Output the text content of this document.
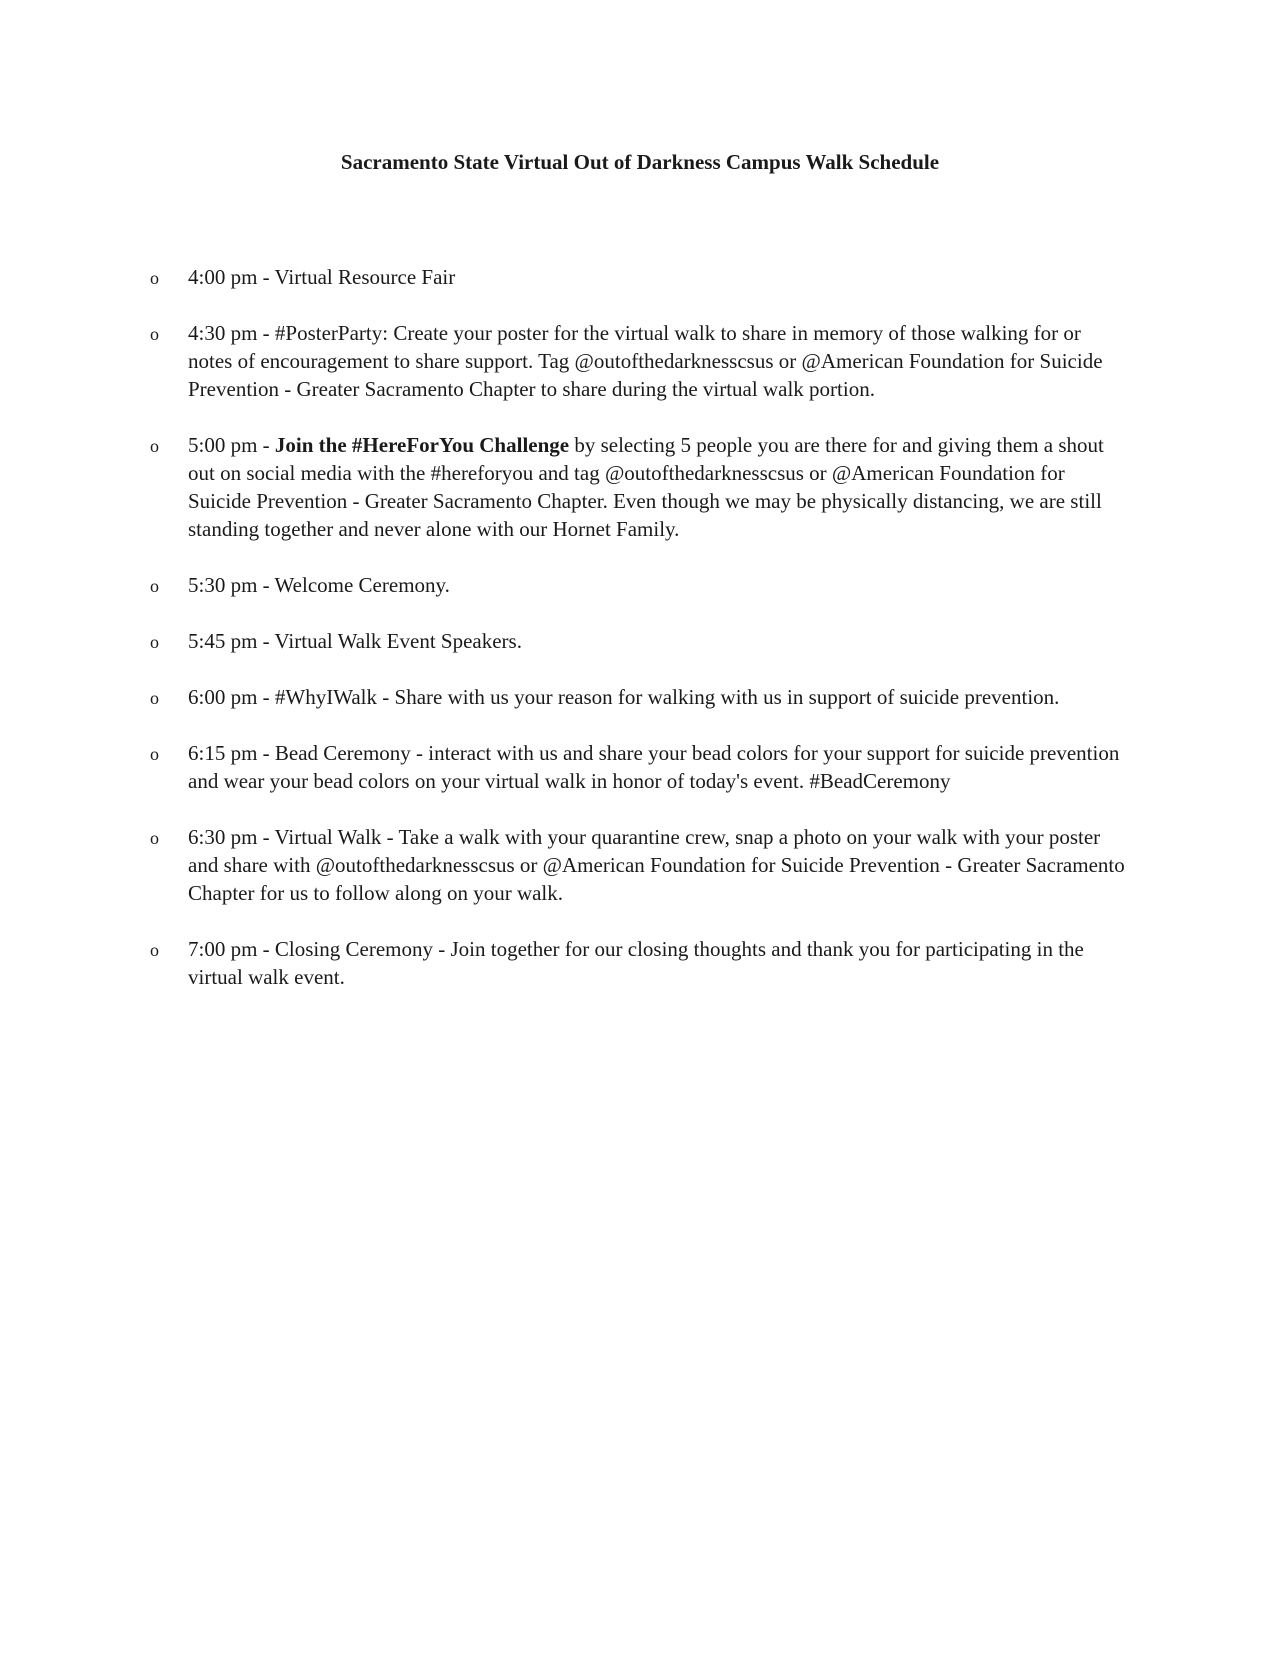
Sacramento State Virtual Out of Darkness Campus Walk Schedule
o 4:00 pm - Virtual Resource Fair
o 4:30 pm - #PosterParty: Create your poster for the virtual walk to share in memory of those walking for or notes of encouragement to share support. Tag @outofthedarknesscsus or @American Foundation for Suicide Prevention - Greater Sacramento Chapter to share during the virtual walk portion.
o 5:00 pm - Join the #HereForYou Challenge by selecting 5 people you are there for and giving them a shout out on social media with the #hereforyou and tag @outofthedarknesscsus or @American Foundation for Suicide Prevention - Greater Sacramento Chapter. Even though we may be physically distancing, we are still standing together and never alone with our Hornet Family.
o 5:30 pm - Welcome Ceremony.
o 5:45 pm - Virtual Walk Event Speakers.
o 6:00 pm - #WhyIWalk - Share with us your reason for walking with us in support of suicide prevention.
o 6:15 pm - Bead Ceremony - interact with us and share your bead colors for your support for suicide prevention and wear your bead colors on your virtual walk in honor of today's event. #BeadCeremony
o 6:30 pm - Virtual Walk - Take a walk with your quarantine crew, snap a photo on your walk with your poster and share with @outofthedarknesscsus or @American Foundation for Suicide Prevention - Greater Sacramento Chapter for us to follow along on your walk.
o 7:00 pm - Closing Ceremony - Join together for our closing thoughts and thank you for participating in the virtual walk event.
